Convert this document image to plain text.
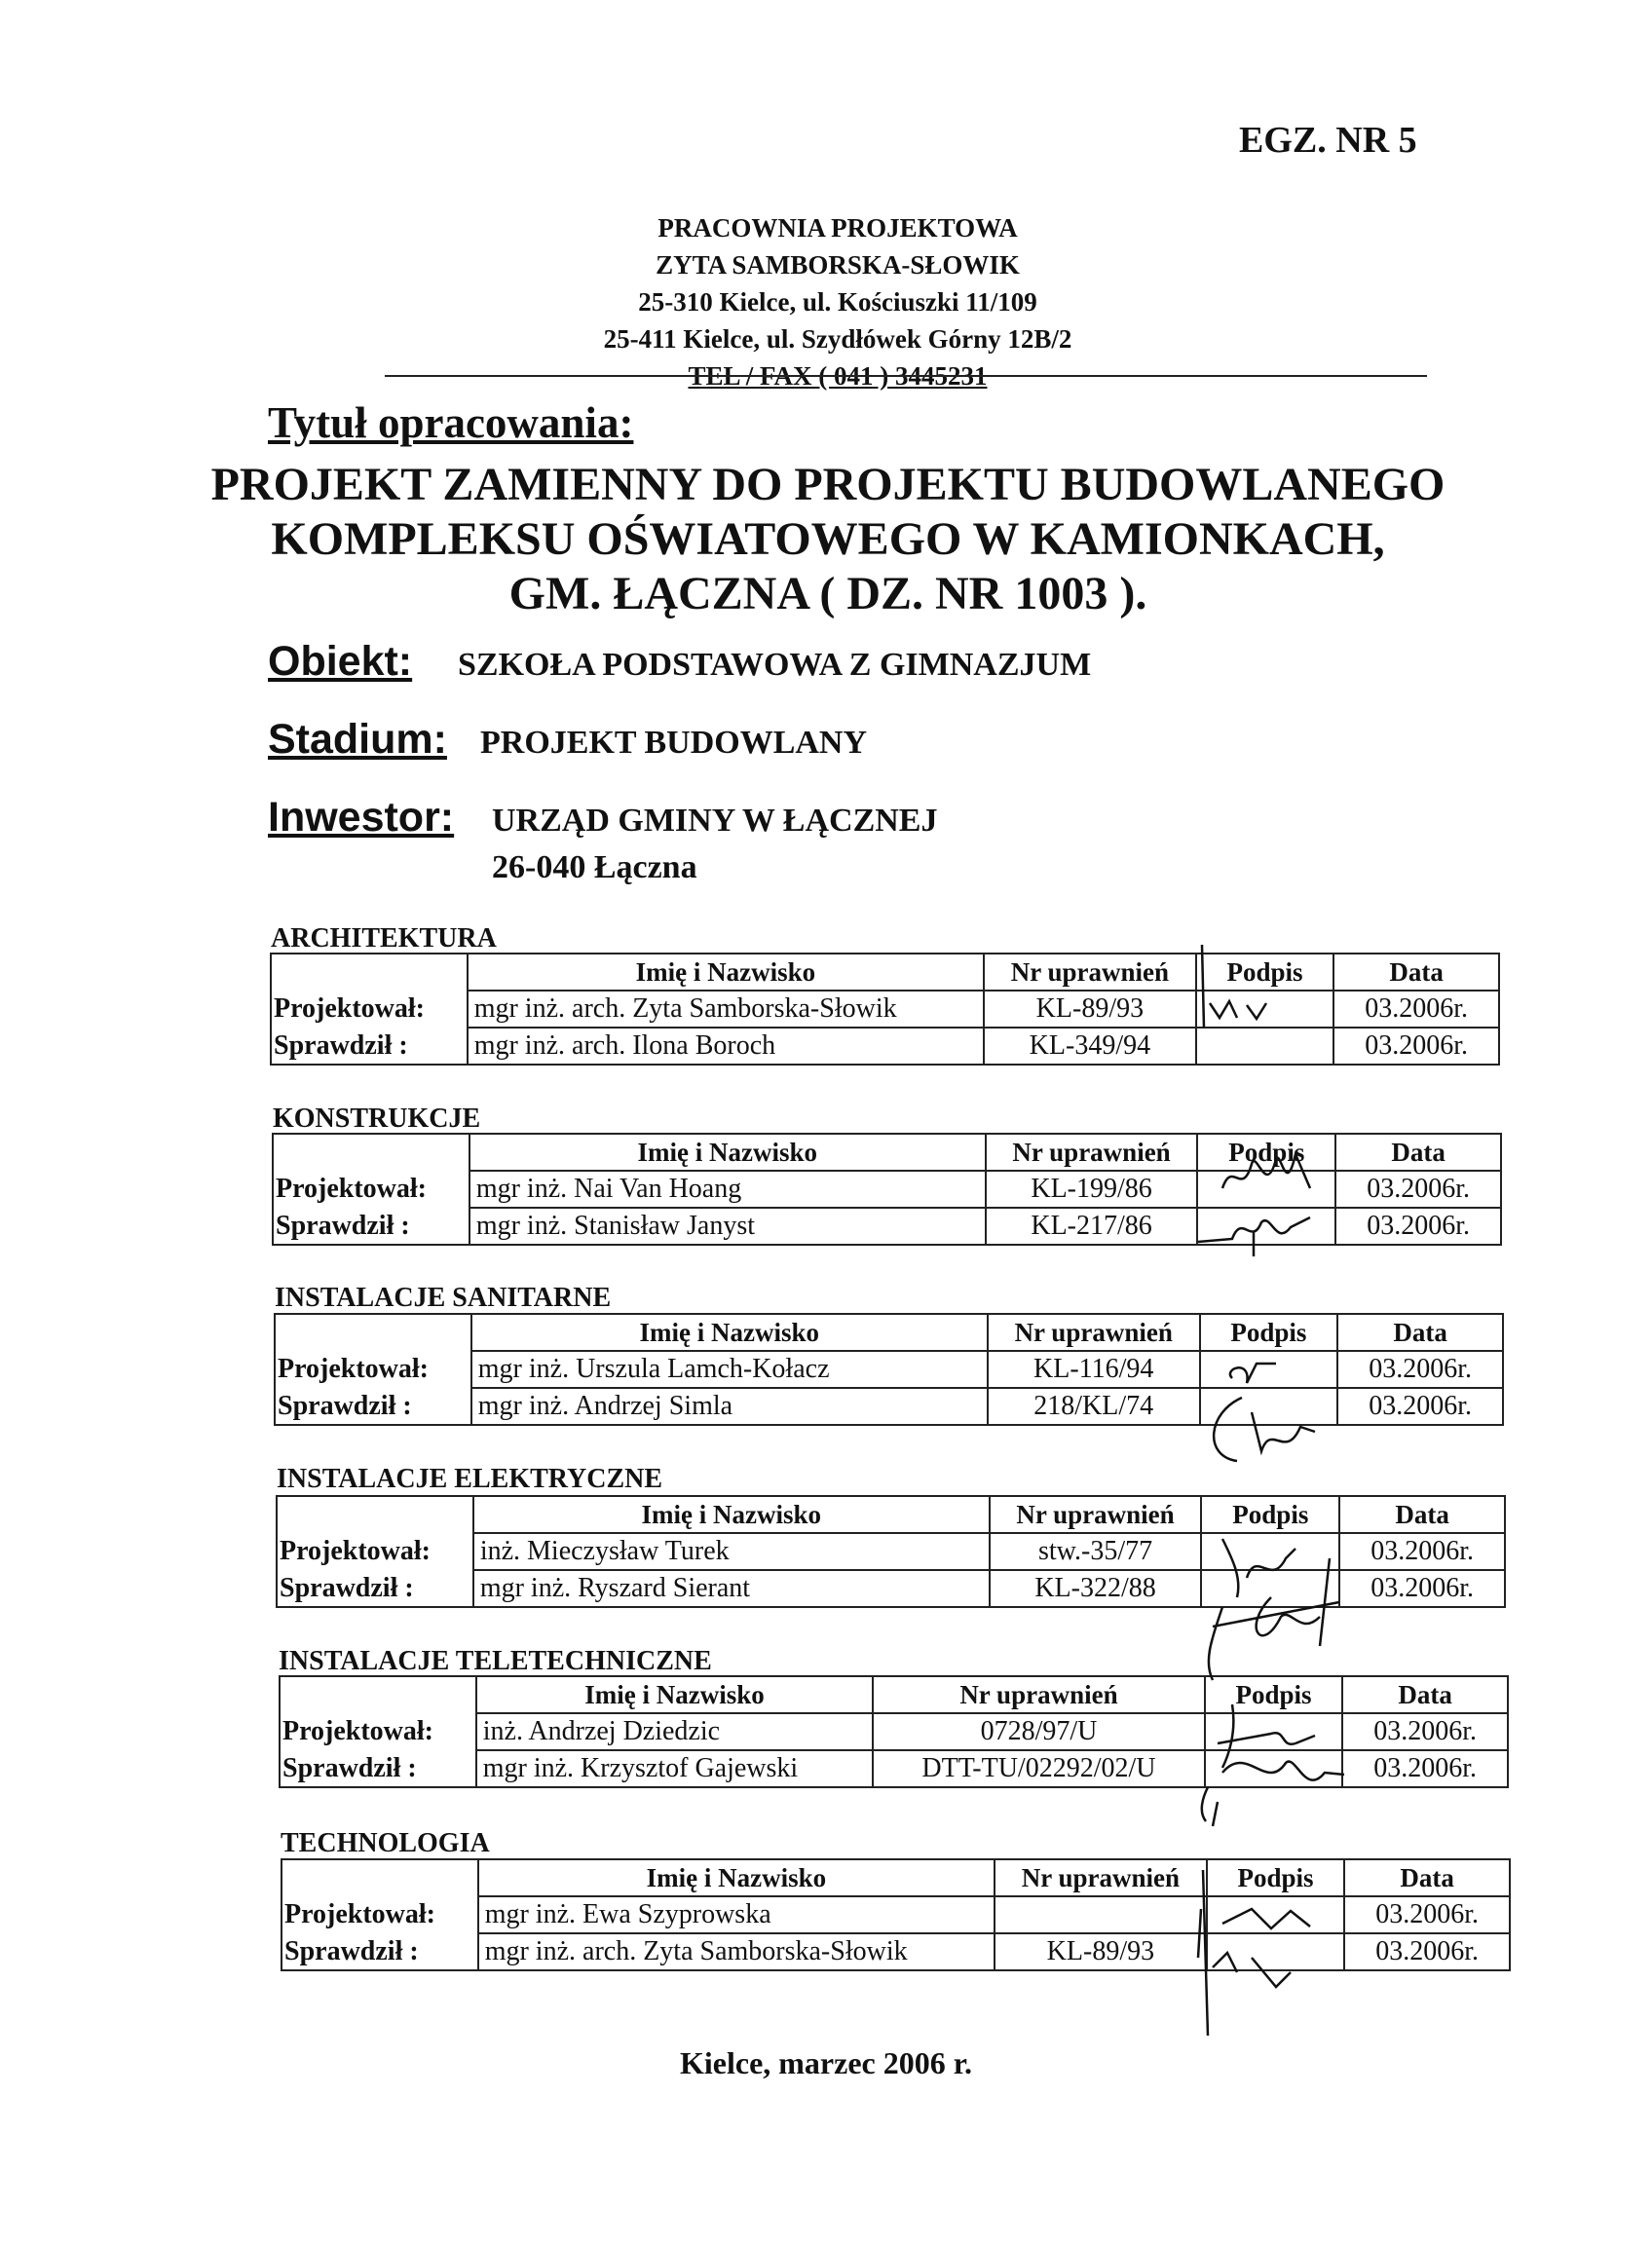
EGZ. NR 5
PRACOWNIA PROJEKTOWA
ZYTA SAMBORSKA-SŁOWIK
25-310 Kielce, ul. Kościuszki 11/109
25-411 Kielce, ul. Szydłówek Górny 12B/2
TEL / FAX ( 041 ) 3445231
Tytuł opracowania:
PROJEKT ZAMIENNY DO PROJEKTU BUDOWLANEGO
KOMPLEKSU OŚWIATOWEGO W KAMIONKACH,
GM. ŁĄCZNA ( DZ. NR 1003 ).
Obiekt: SZKOŁA PODSTAWOWA Z GIMNAZJUM
Stadium: PROJEKT BUDOWLANY
Inwestor: URZĄD GMINY W ŁĄCZNEJ
26-040 Łączna
ARCHITEKTURA
	Imię i Nazwisko	Nr uprawnień	Podpis	Data
Projektował:	mgr inż. arch. Zyta Samborska-Słowik	KL-89/93		03.2006r.
Sprawdził :	mgr inż. arch. Ilona Boroch	KL-349/94		03.2006r.
KONSTRUKCJE
	Imię i Nazwisko	Nr uprawnień	Podpis	Data
Projektował:	mgr inż. Nai Van Hoang	KL-199/86		03.2006r.
Sprawdził :	mgr inż. Stanisław Janyst	KL-217/86		03.2006r.
INSTALACJE SANITARNE
	Imię i Nazwisko	Nr uprawnień	Podpis	Data
Projektował:	mgr inż. Urszula Lamch-Kołacz	KL-116/94		03.2006r.
Sprawdził :	mgr inż. Andrzej Simla	218/KL/74		03.2006r.
INSTALACJE ELEKTRYCZNE
	Imię i Nazwisko	Nr uprawnień	Podpis	Data
Projektował:	inż. Mieczysław Turek	stw.-35/77		03.2006r.
Sprawdził :	mgr inż. Ryszard Sierant	KL-322/88		03.2006r.
INSTALACJE TELETECHNICZNE
	Imię i Nazwisko	Nr uprawnień	Podpis	Data
Projektował:	inż. Andrzej Dziedzic	0728/97/U		03.2006r.
Sprawdził :	mgr inż. Krzysztof Gajewski	DTT-TU/02292/02/U		03.2006r.
TECHNOLOGIA
	Imię i Nazwisko	Nr uprawnień	Podpis	Data
Projektował:	mgr inż. Ewa Szyprowska			03.2006r.
Sprawdził :	mgr inż. arch. Zyta Samborska-Słowik	KL-89/93		03.2006r.
Kielce, marzec 2006 r.
